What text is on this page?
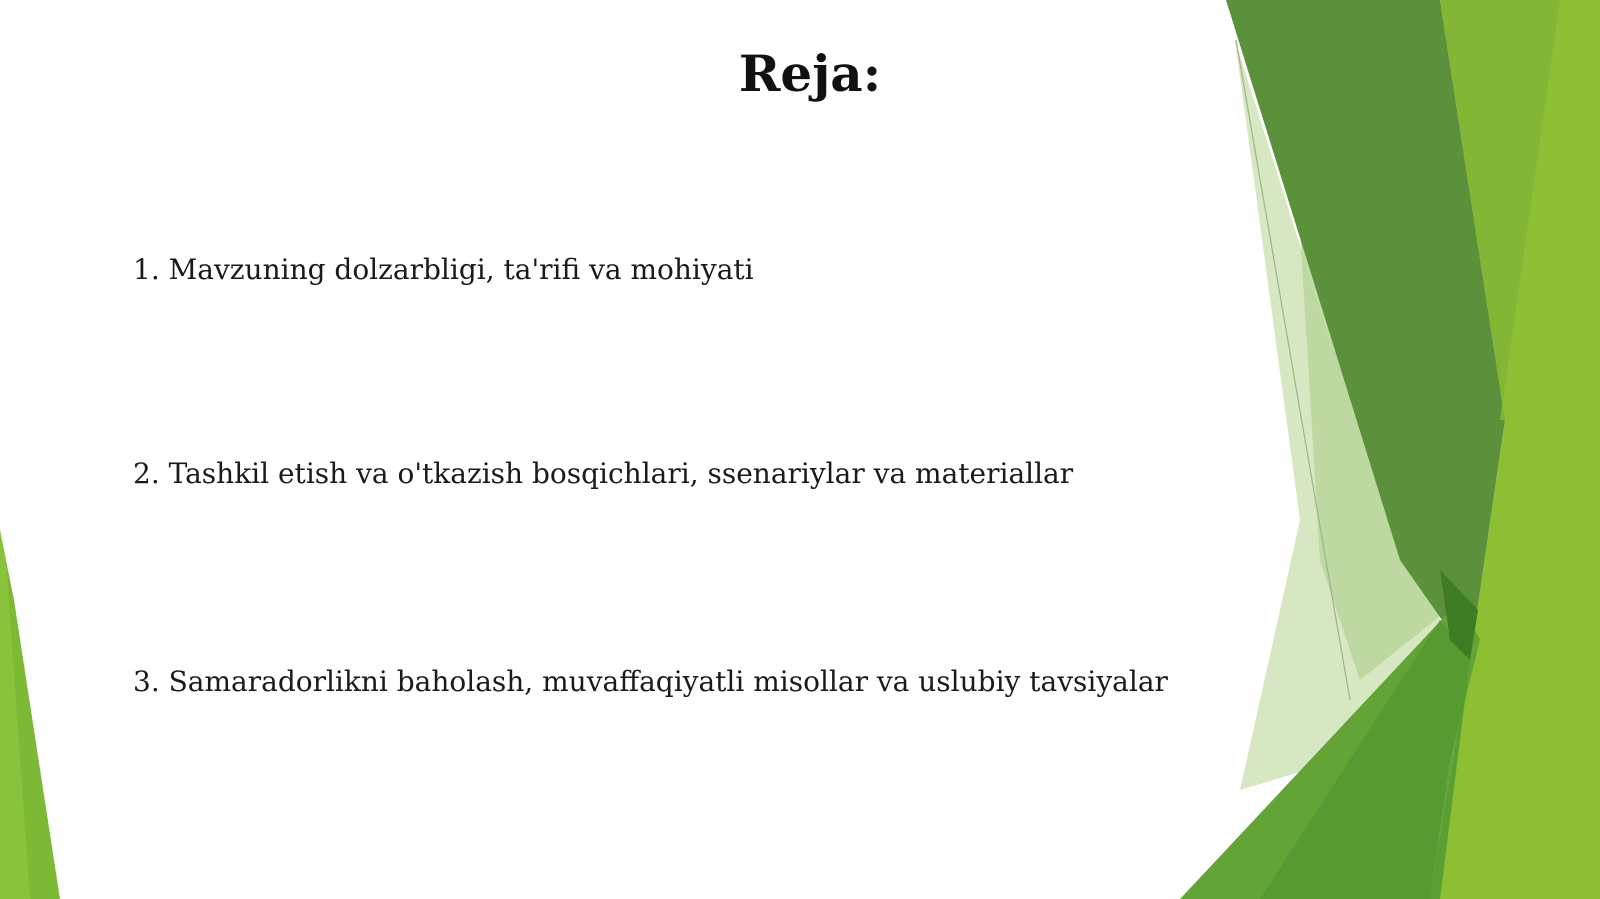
Reja:
1. Mavzuning dolzarbligi, ta'rifi va mohiyati
2. Tashkil etish va o'tkazish bosqichlari, ssenariylar va materiallar
3. Samaradorlikni baholash, muvaffaqiyatli misollar va uslubiy tavsiyalar
